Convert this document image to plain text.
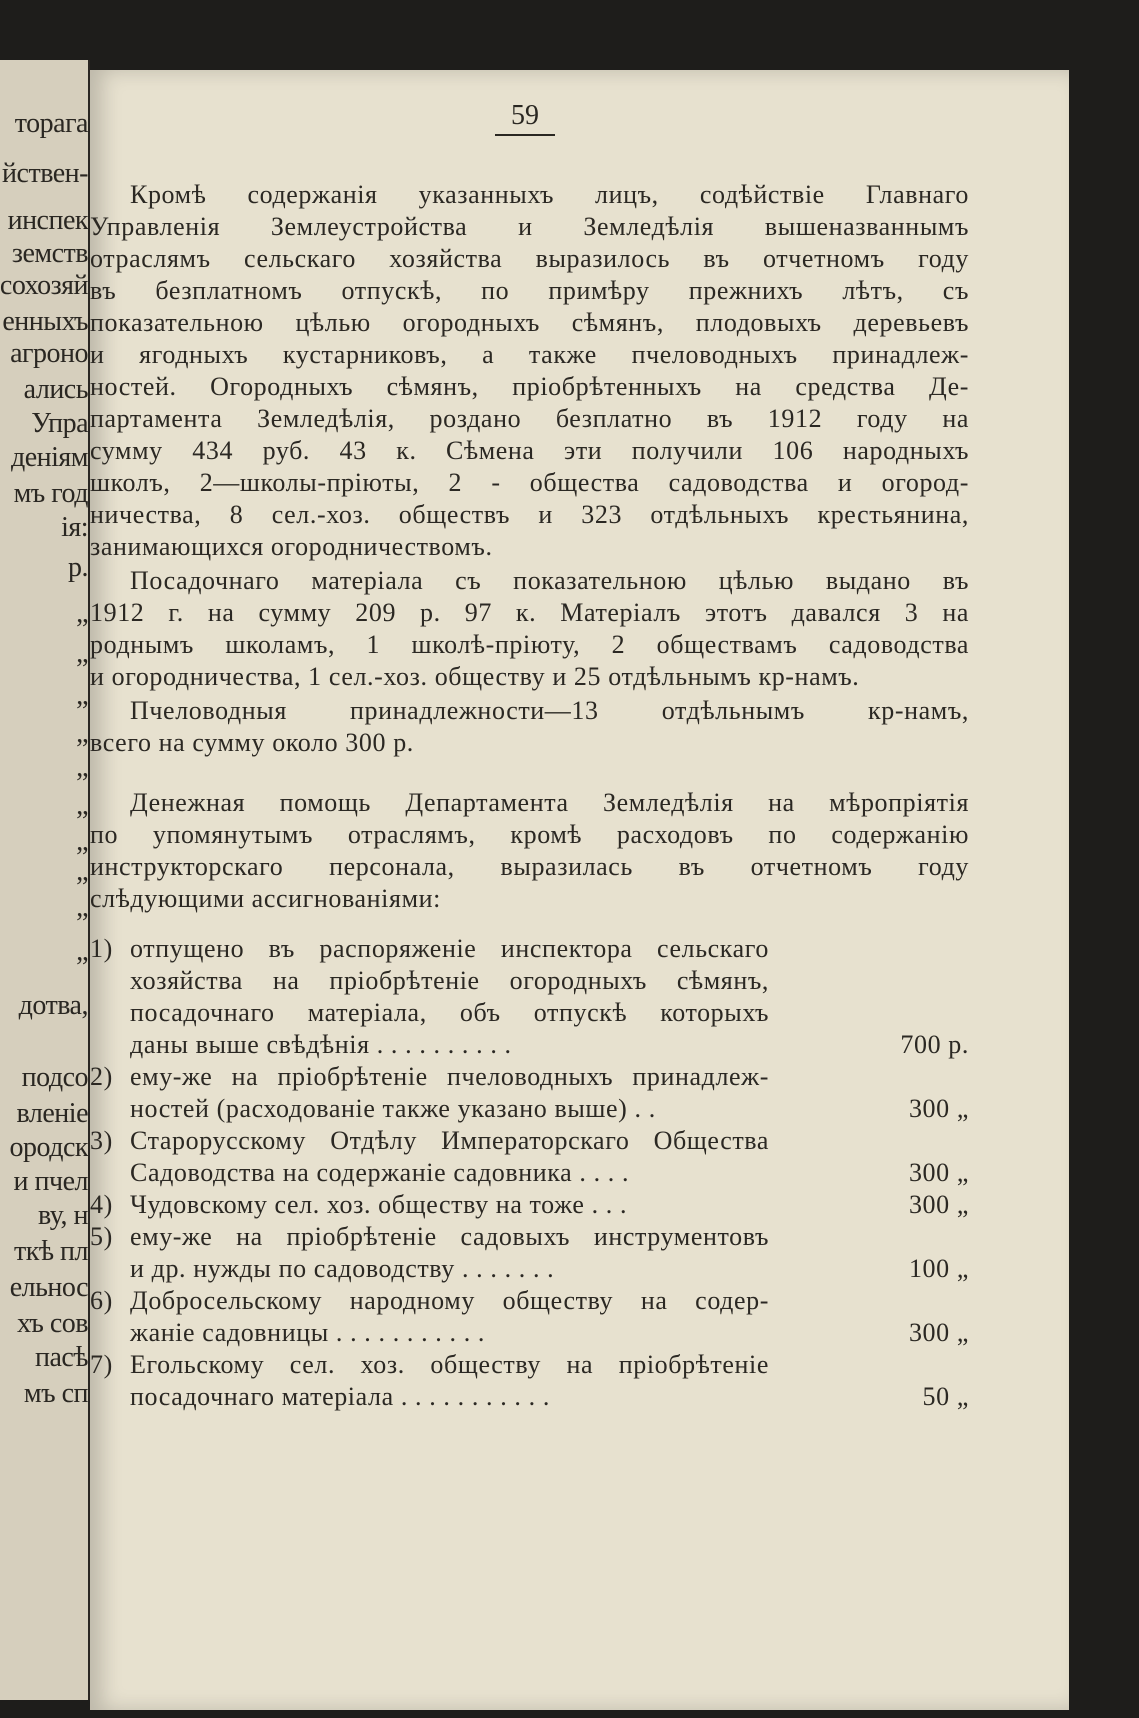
торага
йствен-
инспек
земств
сохозяй
енныхъ
агроно
ались
Упра
деніям
мъ год
ія:
р.
„
„
„
„
„
„
„
„
„
„
дотва,
подсо
вленіе
ородск
и пчел
ву, н
ткѣ пл
ельнос
хъ сов
пасѣ
мъ сп
59
Кромѣ содержанія указанныхъ лицъ, содѣйствіе Главнаго
Управленія Землеустройства и Земледѣлія вышеназваннымъ
отраслямъ сельскаго хозяйства выразилось въ отчетномъ году
въ безплатномъ отпускѣ, по примѣру прежнихъ лѣтъ, съ
показательною цѣлью огородныхъ сѣмянъ, плодовыхъ деревьевъ
и ягодныхъ кустарниковъ, а также пчеловодныхъ принадлеж-
ностей. Огородныхъ сѣмянъ, пріобрѣтенныхъ на средства Де-
партамента Земледѣлія, роздано безплатно въ 1912 году на
сумму 434 руб. 43 к. Сѣмена эти получили 106 народныхъ
школъ, 2—школы-пріюты, 2 - общества садоводства и огород-
ничества, 8 сел.-хоз. обществъ и 323 отдѣльныхъ крестьянина,
занимающихся огородничествомъ.
Посадочнаго матеріала съ показательною цѣлью выдано въ
1912 г. на сумму 209 р. 97 к. Матеріалъ этотъ давался 3 на
роднымъ школамъ, 1 школѣ-пріюту, 2 обществамъ садоводства
и огородничества, 1 сел.-хоз. обществу и 25 отдѣльнымъ кр-намъ.
Пчеловодныя принадлежности—13 отдѣльнымъ кр-намъ,
всего на сумму около 300 р.
Денежная помощь Департамента Земледѣлія на мѣропріятія
по упомянутымъ отраслямъ, кромѣ расходовъ по содержанію
инструкторскаго персонала, выразилась въ отчетномъ году
слѣдующими ассигнованіями:
1) отпущено въ распоряженіе инспектора сельскаго
хозяйства на пріобрѣтеніе огородныхъ сѣмянъ,
посадочнаго матеріала, объ отпускѣ которыхъ
даны выше свѣдѣнія . . . . . . . . . .	700 р.
2) ему-же на пріобрѣтеніе пчеловодныхъ принадлеж-
ностей (расходованіе также указано выше) . .	300 „
3) Старорусскому Отдѣлу Императорскаго Общества
Садоводства на содержаніе садовника . . . .	300 „
4) Чудовскому сел. хоз. обществу на тоже . . .	300 „
5) ему-же на пріобрѣтеніе садовыхъ инструментовъ
и др. нужды по садоводству . . . . . . .	100 „
6) Добросельскому народному обществу на содер-
жаніе садовницы . . . . . . . . . . .	300 „
7) Егольскому сел. хоз. обществу на пріобрѣтеніе
посадочнаго матеріала . . . . . . . . . . .	50 „
